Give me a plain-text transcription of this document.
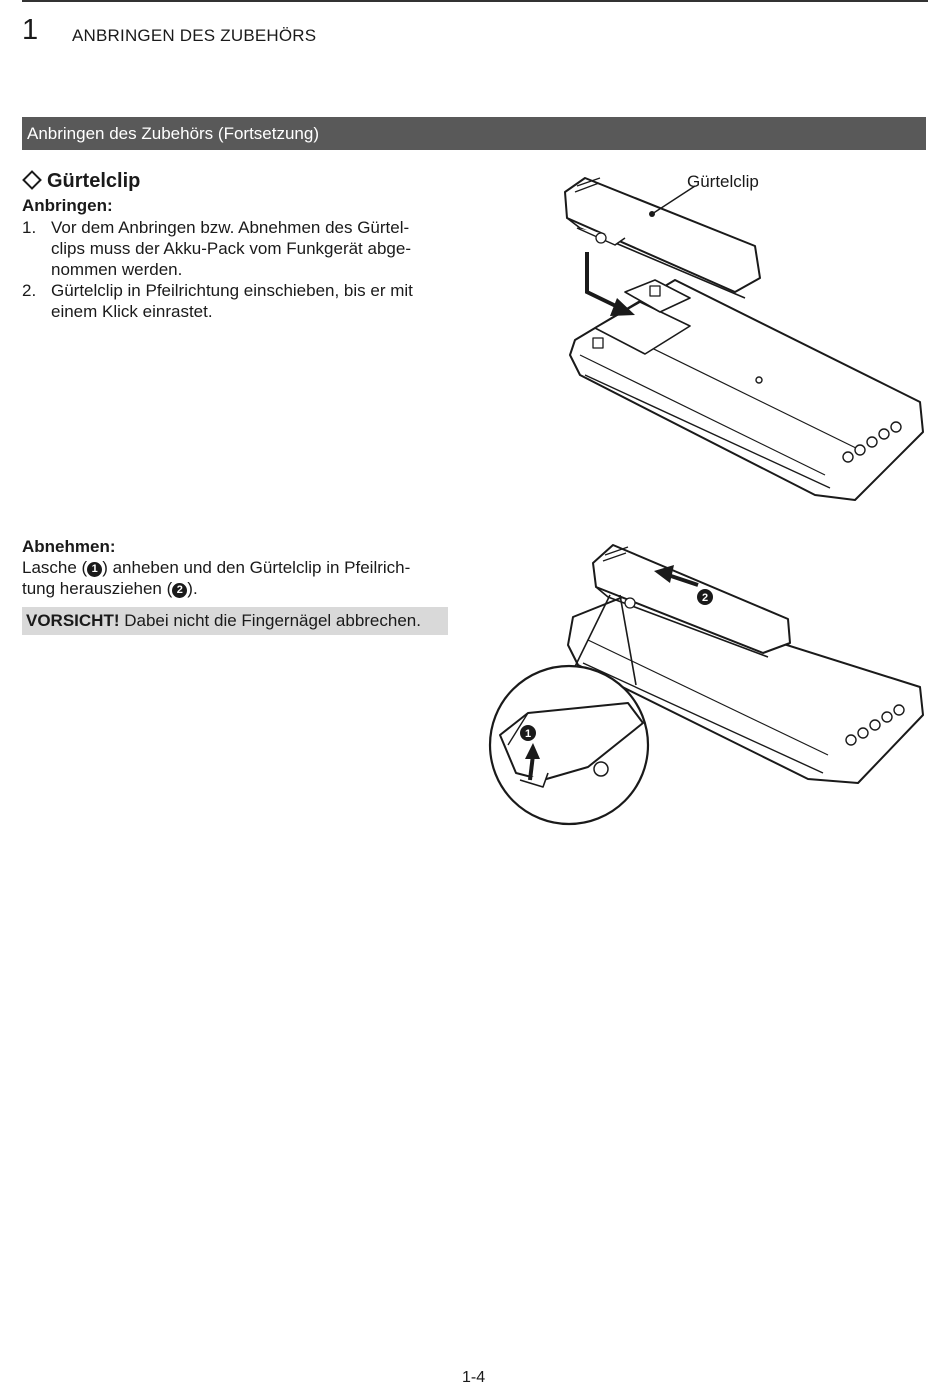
1 ANBRINGEN DES ZUBEHÖRS
Anbringen des Zubehörs (Fortsetzung)
Gürtelclip
Anbringen:
1. Vor dem Anbringen bzw. Abnehmen des Gürtel-clips muss der Akku-Pack vom Funkgerät abge-nommen werden.
2. Gürtelclip in Pfeilrichtung einschieben, bis er mit einem Klick einrastet.
Gürtelclip
Abnehmen:
Lasche ( 1 ) anheben und den Gürtelclip in Pfeilrich-tung herausziehen ( 2 ).
VORSICHT! Dabei nicht die Fingernägel abbrechen.
1
2
1-4
